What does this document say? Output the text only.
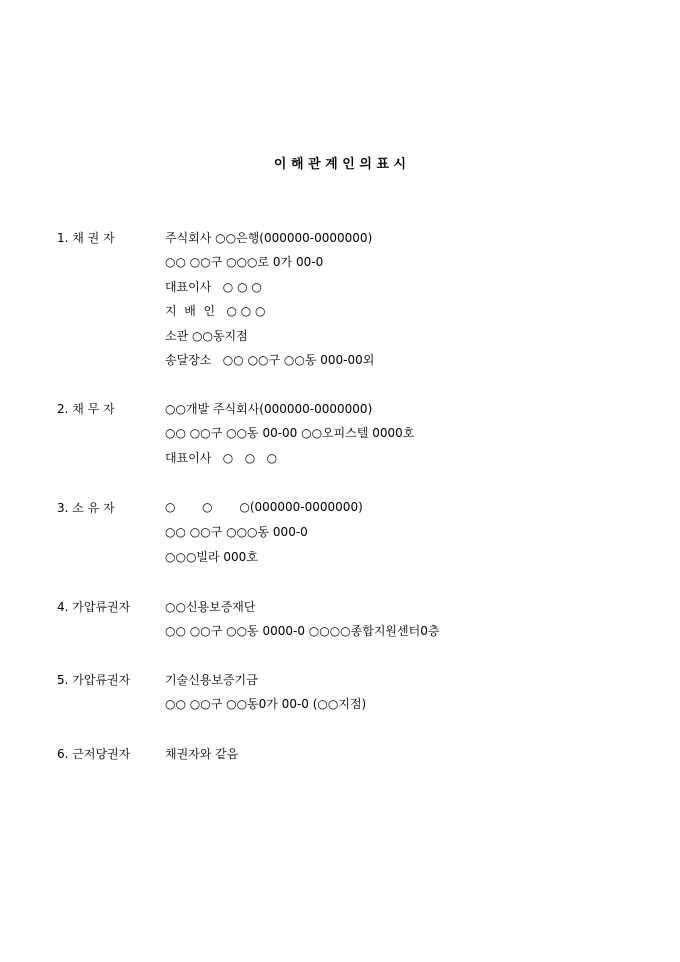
이 해 관 계 인 의 표 시
1. 채 권 자	주식회사 ○○은행(000000-0000000)
○○ ○○구 ○○○로 0가 00-0
대표이사   ○ ○ ○
지  배  인   ○ ○ ○
소관 ○○동지점
송달장소   ○○ ○○구 ○○동 000-00외
2. 채 무 자	○○개발 주식회사(000000-0000000)
○○ ○○구 ○○동 00-00 ○○오피스텔 0000호
대표이사   ○   ○   ○
3. 소 유 자	○       ○       ○(000000-0000000)
○○ ○○구 ○○○동 000-0
○○○빌라 000호
4. 가압류권자	○○신용보증재단
○○ ○○구 ○○동 0000-0 ○○○○종합지원센터0층
5. 가압류권자	기술신용보증기금
○○ ○○구 ○○동0가 00-0 (○○지점)
6. 근저당권자	채권자와 같음
